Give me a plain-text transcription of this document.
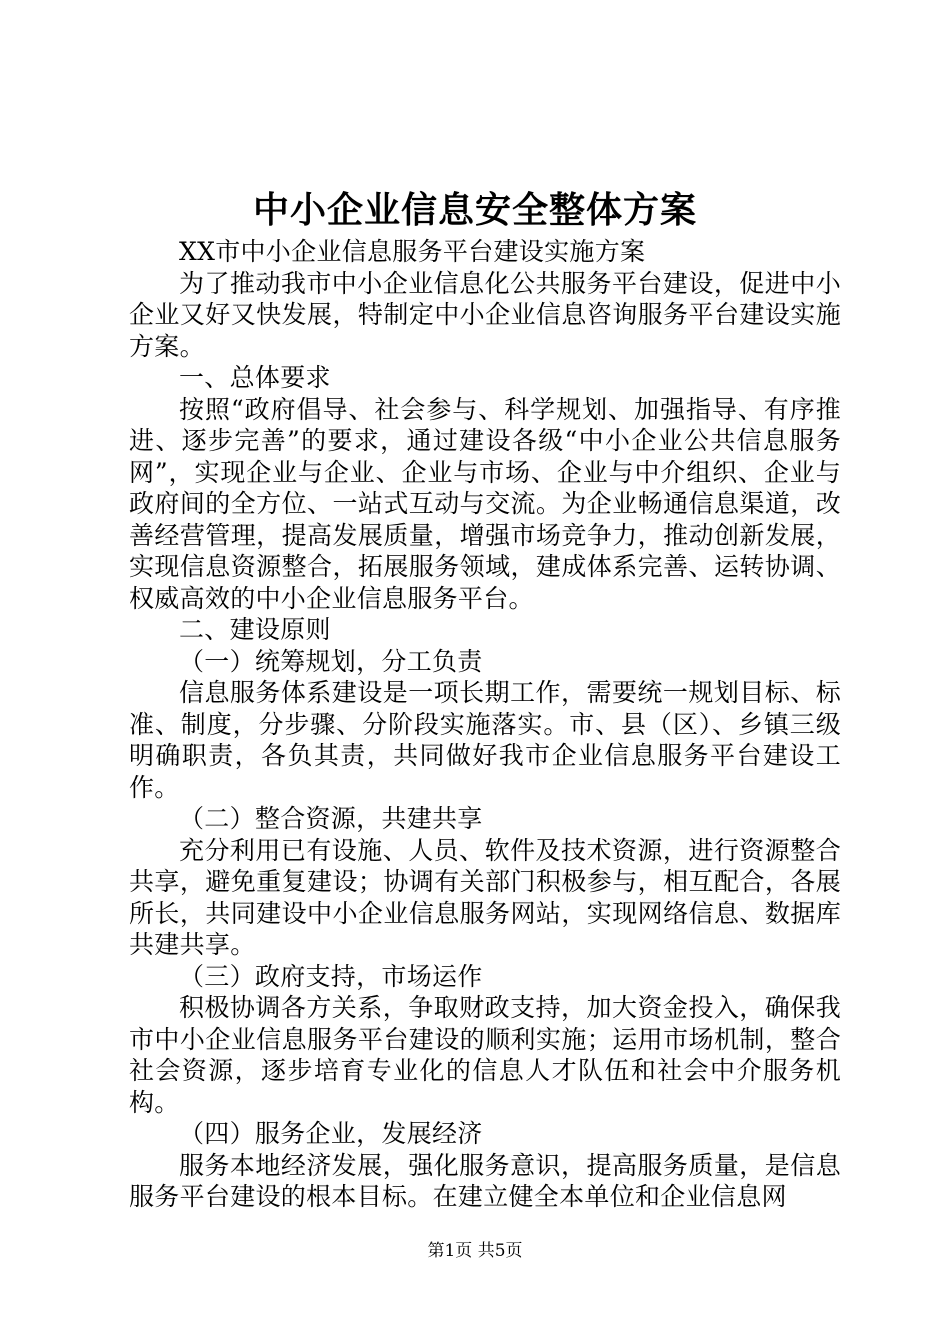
中小企业信息安全整体方案

XX市中小企业信息服务平台建设实施方案

为了推动我市中小企业信息化公共服务平台建设，促进中小企业又好又快发展，特制定中小企业信息咨询服务平台建设实施方案。

一、总体要求

按照“政府倡导、社会参与、科学规划、加强指导、有序推进、逐步完善”的要求，通过建设各级“中小企业公共信息服务网”，实现企业与企业、企业与市场、企业与中介组织、企业与政府间的全方位、一站式互动与交流。为企业畅通信息渠道，改善经营管理，提高发展质量，增强市场竞争力，推动创新发展，实现信息资源整合，拓展服务领域，建成体系完善、运转协调、权威高效的中小企业信息服务平台。

二、建设原则

（一）统筹规划，分工负责

信息服务体系建设是一项长期工作，需要统一规划目标、标准、制度，分步骤、分阶段实施落实。市、县（区）、乡镇三级明确职责，各负其责，共同做好我市企业信息服务平台建设工作。

（二）整合资源，共建共享

充分利用已有设施、人员、软件及技术资源，进行资源整合共享，避免重复建设；协调有关部门积极参与，相互配合，各展所长，共同建设中小企业信息服务网站，实现网络信息、数据库共建共享。

（三）政府支持，市场运作

积极协调各方关系，争取财政支持，加大资金投入，确保我市中小企业信息服务平台建设的顺利实施；运用市场机制，整合社会资源，逐步培育专业化的信息人才队伍和社会中介服务机构。

（四）服务企业，发展经济

服务本地经济发展，强化服务意识，提高服务质量，是信息服务平台建设的根本目标。在建立健全本单位和企业信息网

第1页 共5页
